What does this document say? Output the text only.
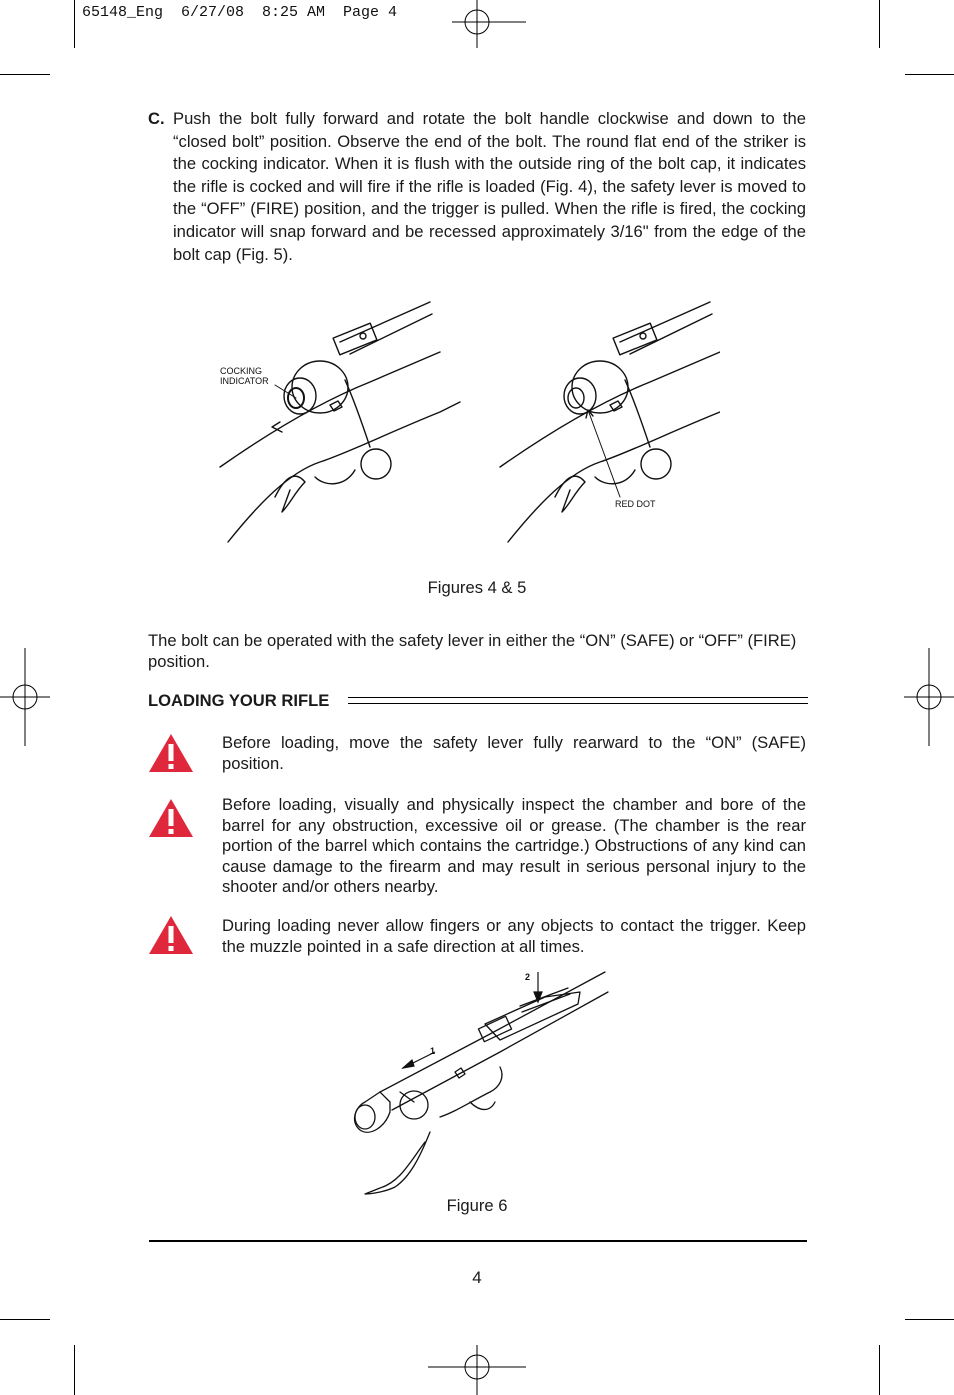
65148_Eng  6/27/08  8:25 AM  Page 4
C. Push the bolt fully forward and rotate the bolt handle clockwise and down to the “closed bolt” position. Observe the end of the bolt. The round flat end of the striker is the cocking indicator. When it is flush with the outside ring of the bolt cap, it indicates the rifle is cocked and will fire if the rifle is loaded (Fig. 4), the safety lever is moved to the “OFF” (FIRE) position, and the trigger is pulled. When the rifle is fired, the cocking indicator will snap forward and be recessed approximately 3/16" from the edge of the bolt cap (Fig. 5).
COCKING
INDICATOR
RED DOT
Figures 4 & 5
The bolt can be operated with the safety lever in either the “ON” (SAFE) or “OFF” (FIRE) position.
LOADING YOUR RIFLE
Before loading, move the safety lever fully rearward to the “ON” (SAFE) position.
Before loading, visually and physically inspect the chamber and bore of the barrel for any obstruction, excessive oil or grease. (The chamber is the rear portion of the barrel which contains the cartridge.) Obstructions of any kind can cause damage to the firearm and may result in serious personal injury to the shooter and/or others nearby.
During loading never allow fingers or any objects to contact the trigger. Keep the muzzle pointed in a safe direction at all times.
1
2
Figure 6
4
